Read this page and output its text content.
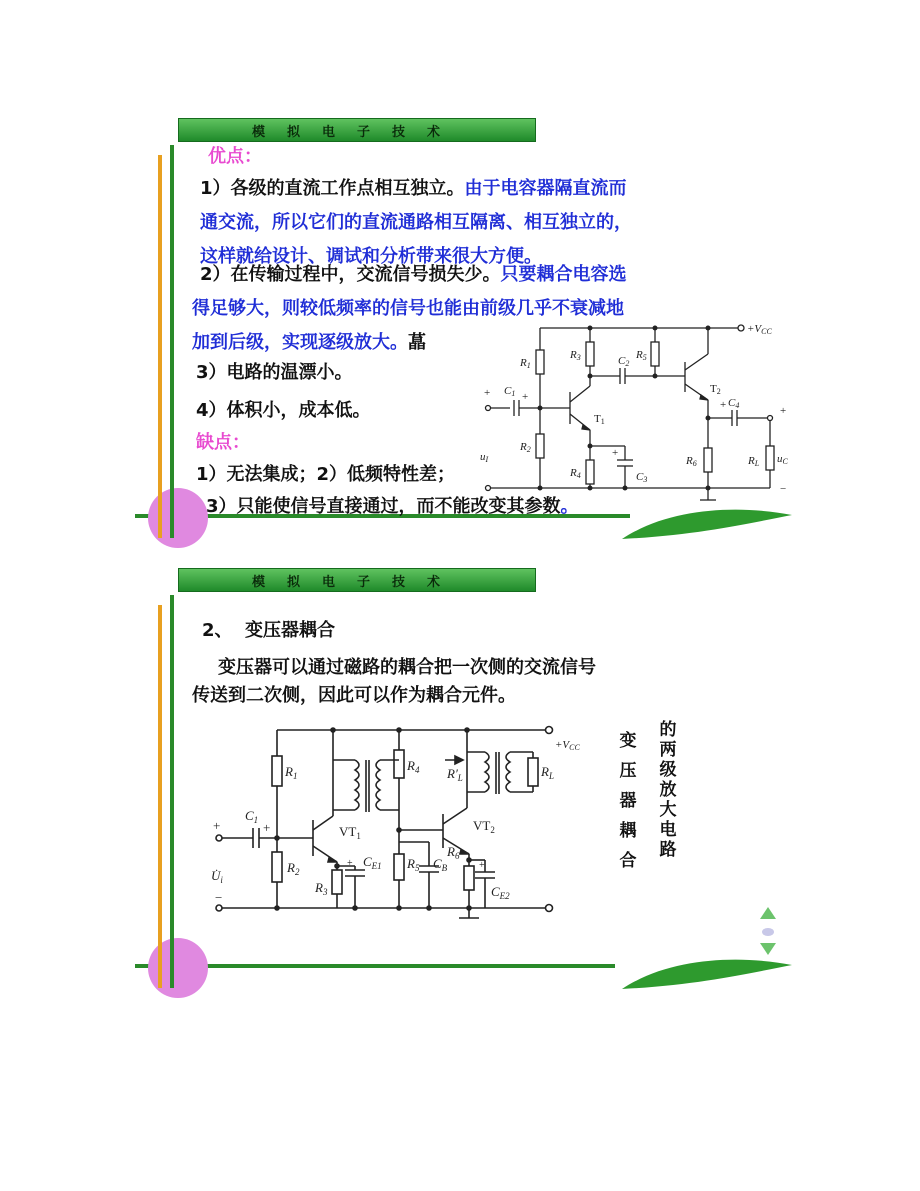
模拟电子技术
优点：
1）各级的直流工作点相互独立。由于电容器隔直流而
通交流，所以它们的直流通路相互隔离、相互独立的，
这样就给设计、调试和分析带来很大方便。
2）在传输过程中，交流信号损失少。只要耦合电容选
得足够大，则较低频率的信号也能由前级几乎不衰减地
加到后级，实现逐级放大。蕌
3）电路的温漂小。
4）体积小，成本低。
缺点：
1）无法集成；2）低频特性差；
3）只能使信号直接通过，而不能改变其参数。
+VCC
R1
R2
R3
R4
R5
R6	RL
C1
C2
C3
C4
T1
T2
uI	uC
+	+
+
−
+
+
模拟电子技术
2、  变压器耦合
变压器可以通过磁路的耦合把一次侧的交流信号
传送到二次侧，因此可以作为耦合元件。
变压器耦合
的两级放大电路
+VCC
$R_1$
$R_2$
$R_3$
$R_4$
$R_5$
$R_6$
$R_L$
$R'_L$
$C_1$
$C_B$
$C_{E1}$
$C_{E2}$
$VT_1$
$VT_2$
$U̇_i$
+
−
+
+	+
